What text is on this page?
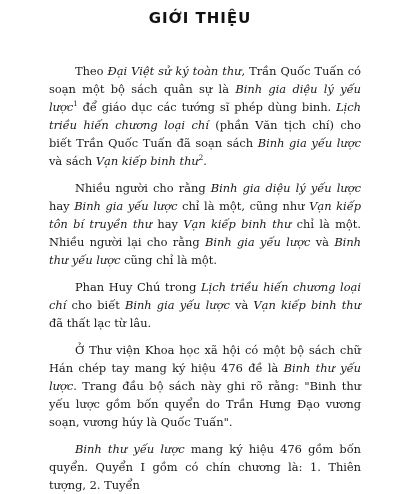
GIỚI THIỆU

Theo Đại Việt sử ký toàn thư, Trần Quốc Tuấn có soạn một bộ sách quân sự là Binh gia diệu lý yếu lược$^1$ để giáo dục các tướng sĩ phép dùng binh. Lịch triều hiến chương loại chí (phần Văn tịch chí) cho biết Trần Quốc Tuấn đã soạn sách Binh gia yếu lược và sách Vạn kiếp binh thư$^2$.

Nhiều người cho rằng Binh gia diệu lý yếu lược hay Binh gia yếu lược chỉ là một, cũng như Vạn kiếp tôn bí truyền thư hay Vạn kiếp binh thư chỉ là một. Nhiều người lại cho rằng Binh gia yếu lược và Binh thư yếu lược cũng chỉ là một.

Phan Huy Chú trong Lịch triều hiến chương loại chí cho biết Binh gia yếu lược và Vạn kiếp binh thư đã thất lạc từ lâu.

Ở Thư viện Khoa học xã hội có một bộ sách chữ Hán chép tay mang ký hiệu 476 đề là Binh thư yếu lược. Trang đầu bộ sách này ghi rõ rằng: "Binh thư yếu lược gồm bốn quyển do Trần Hưng Đạo vương soạn, vương húy là Quốc Tuấn".

Binh thư yếu lược mang ký hiệu 476 gồm bốn quyển. Quyển I gồm có chín chương là: 1. Thiên tượng, 2. Tuyển
